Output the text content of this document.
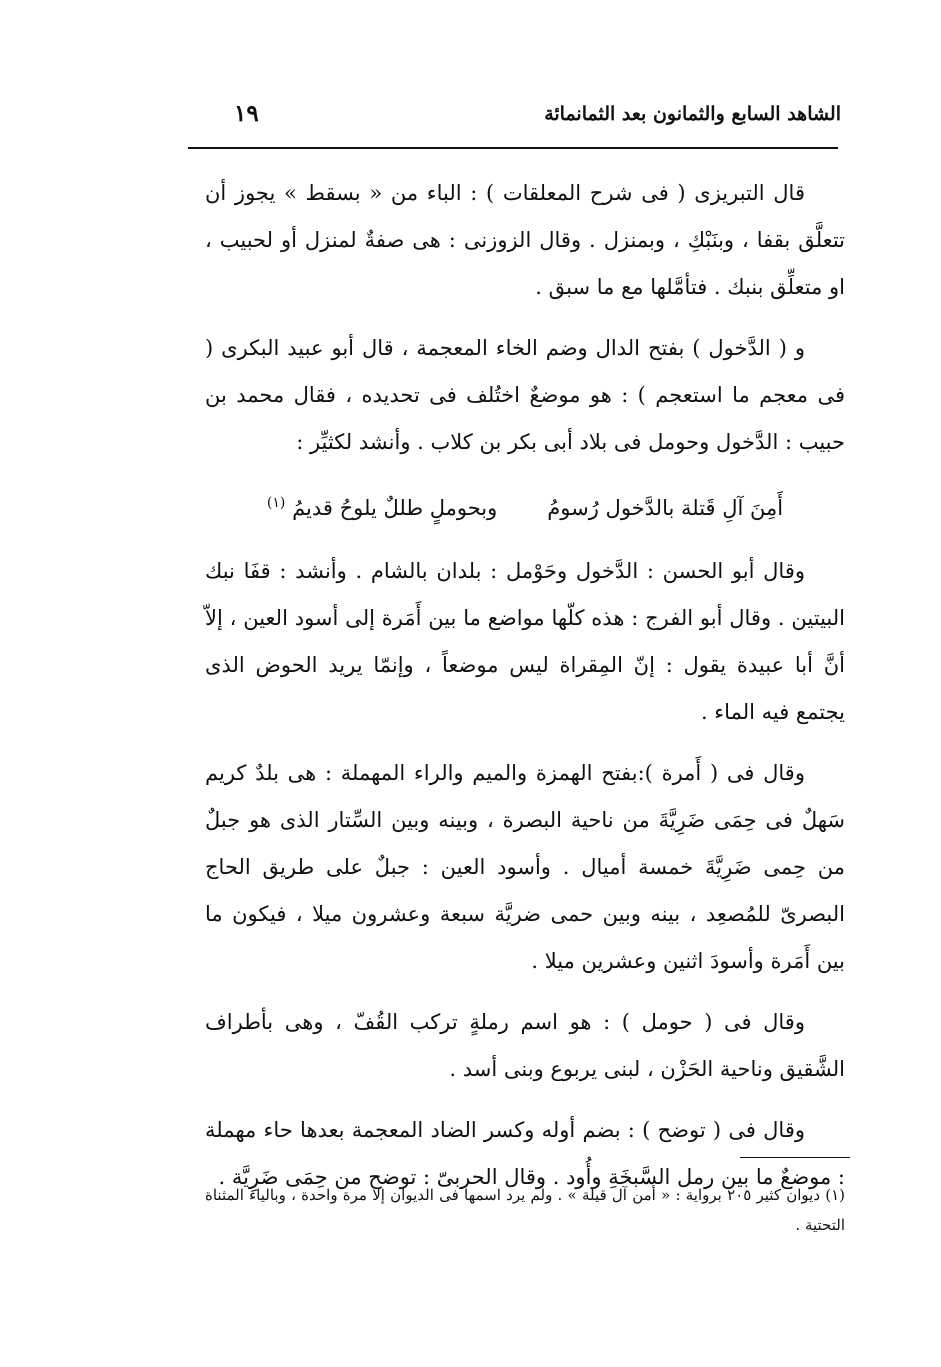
الشاهد السابع والثمانون بعد الثمانمائة
١٩

قال التبريزى ( فى شرح المعلقات ) : الباء من « بسقط » يجوز أن تتعلَّق بقفا ، وبنَبْكِ ، وبمنزل . وقال الزوزنى : هى صفةٌ لمنزل أو لحبيب ، او متعلِّق بنبك . فتأمَّلها مع ما سبق .

و ( الدَّخول ) بفتح الدال وضم الخاء المعجمة ، قال أبو عبيد البكرى ( فى معجم ما استعجم ) : هو موضعٌ اختُلف فى تحديده ، فقال محمد بن حبيب : الدَّخول وحومل فى بلاد أبى بكر بن كلاب . وأنشد لكثيِّر :

أَمِنَ آلِ قَتلة بالدَّخول رُسومُ
وبحوملٍ طللٌ يلوحُ قديمُ $^{(١)}$

وقال أبو الحسن : الدَّخول وحَوْمل : بلدان بالشام . وأنشد : قفَا نبك البيتين . وقال أبو الفرج : هذه كلّها مواضع ما بين أَمَرة إلى أسود العين ، إلاّ أنَّ أبا عبيدة يقول : إنّ المِقراة ليس موضعاً ، وإنمّا يريد الحوض الذى يجتمع فيه الماء .

وقال فى ( أَمرة ):بفتح الهمزة والميم والراء المهملة : هى بلدٌ كريم سَهلٌ فى حِمَى ضَرِيَّةَ من ناحية البصرة ، وبينه وبين السِّتار الذى هو جبلٌ من حِمى ضَرِيَّةَ خمسة أميال . وأسود العين : جبلٌ على طريق الحاج البصرىّ للمُصعِد ، بينه وبين حمى ضريَّة سبعة وعشرون ميلا ، فيكون ما بين أَمَرة وأسودَ اثنين وعشرين ميلا .

وقال فى ( حومل ) : هو اسم رملةٍ تركب القُفّ ، وهى بأطراف الشَّقيق وناحية الحَزْن ، لبنى يربوع وبنى أسد .

وقال فى ( توضح ) : بضم أوله وكسر الضاد المعجمة بعدها حاء مهملة : موضعٌ ما بين رمل السَّبخَةِ وأُود . وقال الحربىّ : توضح من حِمَى ضَرِيَّة .

(١) ديوان كثير ٢٠٥ برواية : « أمن آل قيلة » . ولم يرد اسمها فى الديوان إلا مرة واحدة ، وبالياء المثناة التحتية .
